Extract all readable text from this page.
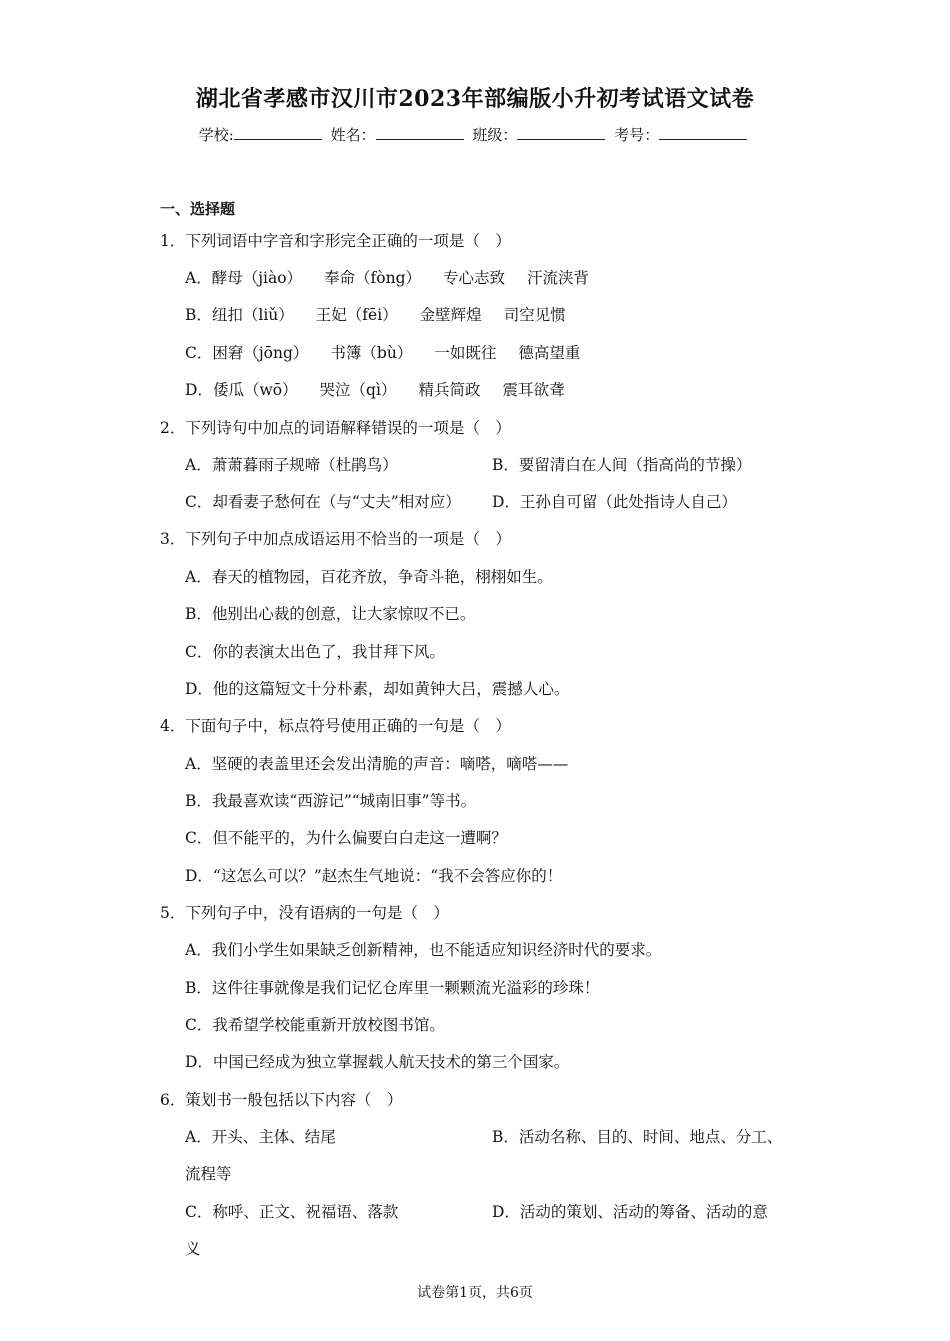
湖北省孝感市汉川市2023年部编版小升初考试语文试卷
学校:	姓名：	班级：	考号：
一、选择题
1．下列词语中字音和字形完全正确的一项是（　）
A．酵母（jiào） 奉命（fòng） 专心志致 汗流浃背
B．纽扣（liǔ） 王妃（fēi） 金壁辉煌 司空见惯
C．困窘（jōng） 书簿（bù） 一如既往 德高望重
D．倭瓜（wō） 哭泣（qì） 精兵简政 震耳欲聋
2．下列诗句中加点的词语解释错误的一项是（　）
A．萧萧暮雨子规啼（杜鹃鸟）	B．要留清白在人间（指高尚的节操）
C．却看妻子愁何在（与“丈夫”相对应） D．王孙自可留（此处指诗人自己）
3．下列句子中加点成语运用不恰当的一项是（　）
A．春天的植物园，百花齐放，争奇斗艳，栩栩如生。
B．他别出心裁的创意，让大家惊叹不已。
C．你的表演太出色了，我甘拜下风。
D．他的这篇短文十分朴素，却如黄钟大吕，震撼人心。
4．下面句子中，标点符号使用正确的一句是（　）
A．坚硬的表盖里还会发出清脆的声音：嘀嗒，嘀嗒——
B．我最喜欢读“西游记”“城南旧事”等书。
C．但不能平的，为什么偏要白白走这一遭啊？
D．“这怎么可以？”赵杰生气地说：“我不会答应你的！
5．下列句子中，没有语病的一句是（　）
A．我们小学生如果缺乏创新精神，也不能适应知识经济时代的要求。
B．这件往事就像是我们记忆仓库里一颗颗流光溢彩的珍珠！
C．我希望学校能重新开放校图书馆。
D．中国已经成为独立掌握载人航天技术的第三个国家。
6．策划书一般包括以下内容（　）
A．开头、主体、结尾	B．活动名称、目的、时间、地点、分工、
流程等
C．称呼、正文、祝福语、落款	D．活动的策划、活动的筹备、活动的意
义
试卷第1页，共6页
